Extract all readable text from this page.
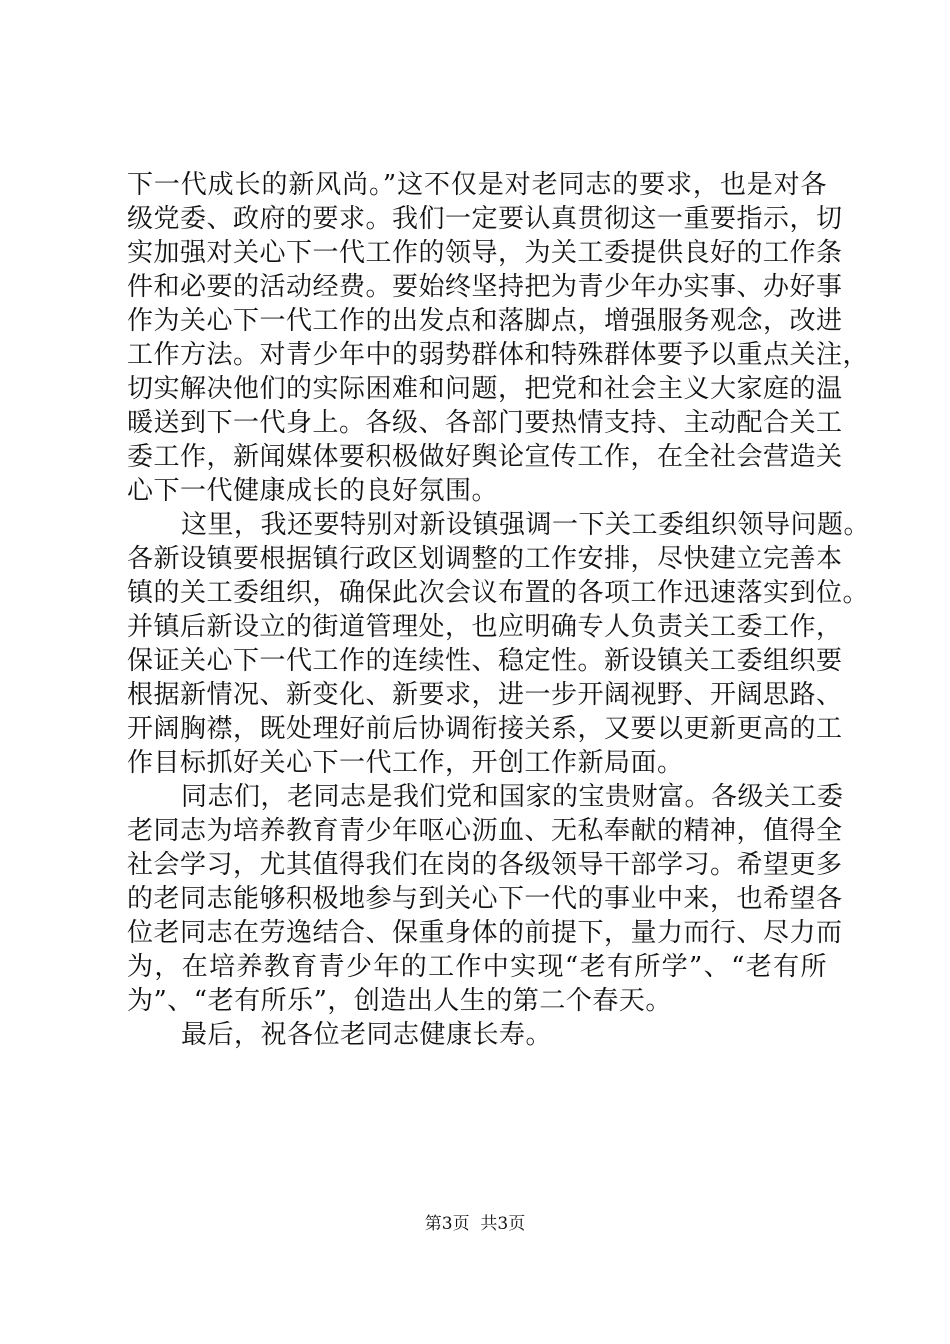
下一代成长的新风尚。”这不仅是对老同志的要求，也是对各
级党委、政府的要求。我们一定要认真贯彻这一重要指示，切
实加强对关心下一代工作的领导，为关工委提供良好的工作条
件和必要的活动经费。要始终坚持把为青少年办实事、办好事
作为关心下一代工作的出发点和落脚点，增强服务观念，改进
工作方法。对青少年中的弱势群体和特殊群体要予以重点关注，
切实解决他们的实际困难和问题，把党和社会主义大家庭的温
暖送到下一代身上。各级、各部门要热情支持、主动配合关工
委工作，新闻媒体要积极做好舆论宣传工作，在全社会营造关
心下一代健康成长的良好氛围。

这里，我还要特别对新设镇强调一下关工委组织领导问题。
各新设镇要根据镇行政区划调整的工作安排，尽快建立完善本
镇的关工委组织，确保此次会议布置的各项工作迅速落实到位。
并镇后新设立的街道管理处，也应明确专人负责关工委工作，
保证关心下一代工作的连续性、稳定性。新设镇关工委组织要
根据新情况、新变化、新要求，进一步开阔视野、开阔思路、
开阔胸襟，既处理好前后协调衔接关系，又要以更新更高的工
作目标抓好关心下一代工作，开创工作新局面。

同志们，老同志是我们党和国家的宝贵财富。各级关工委
老同志为培养教育青少年呕心沥血、无私奉献的精神，值得全
社会学习，尤其值得我们在岗的各级领导干部学习。希望更多
的老同志能够积极地参与到关心下一代的事业中来，也希望各
位老同志在劳逸结合、保重身体的前提下，量力而行、尽力而
为，在培养教育青少年的工作中实现“老有所学”、“老有所
为”、“老有所乐”，创造出人生的第二个春天。

最后，祝各位老同志健康长寿。

第3页  共3页
